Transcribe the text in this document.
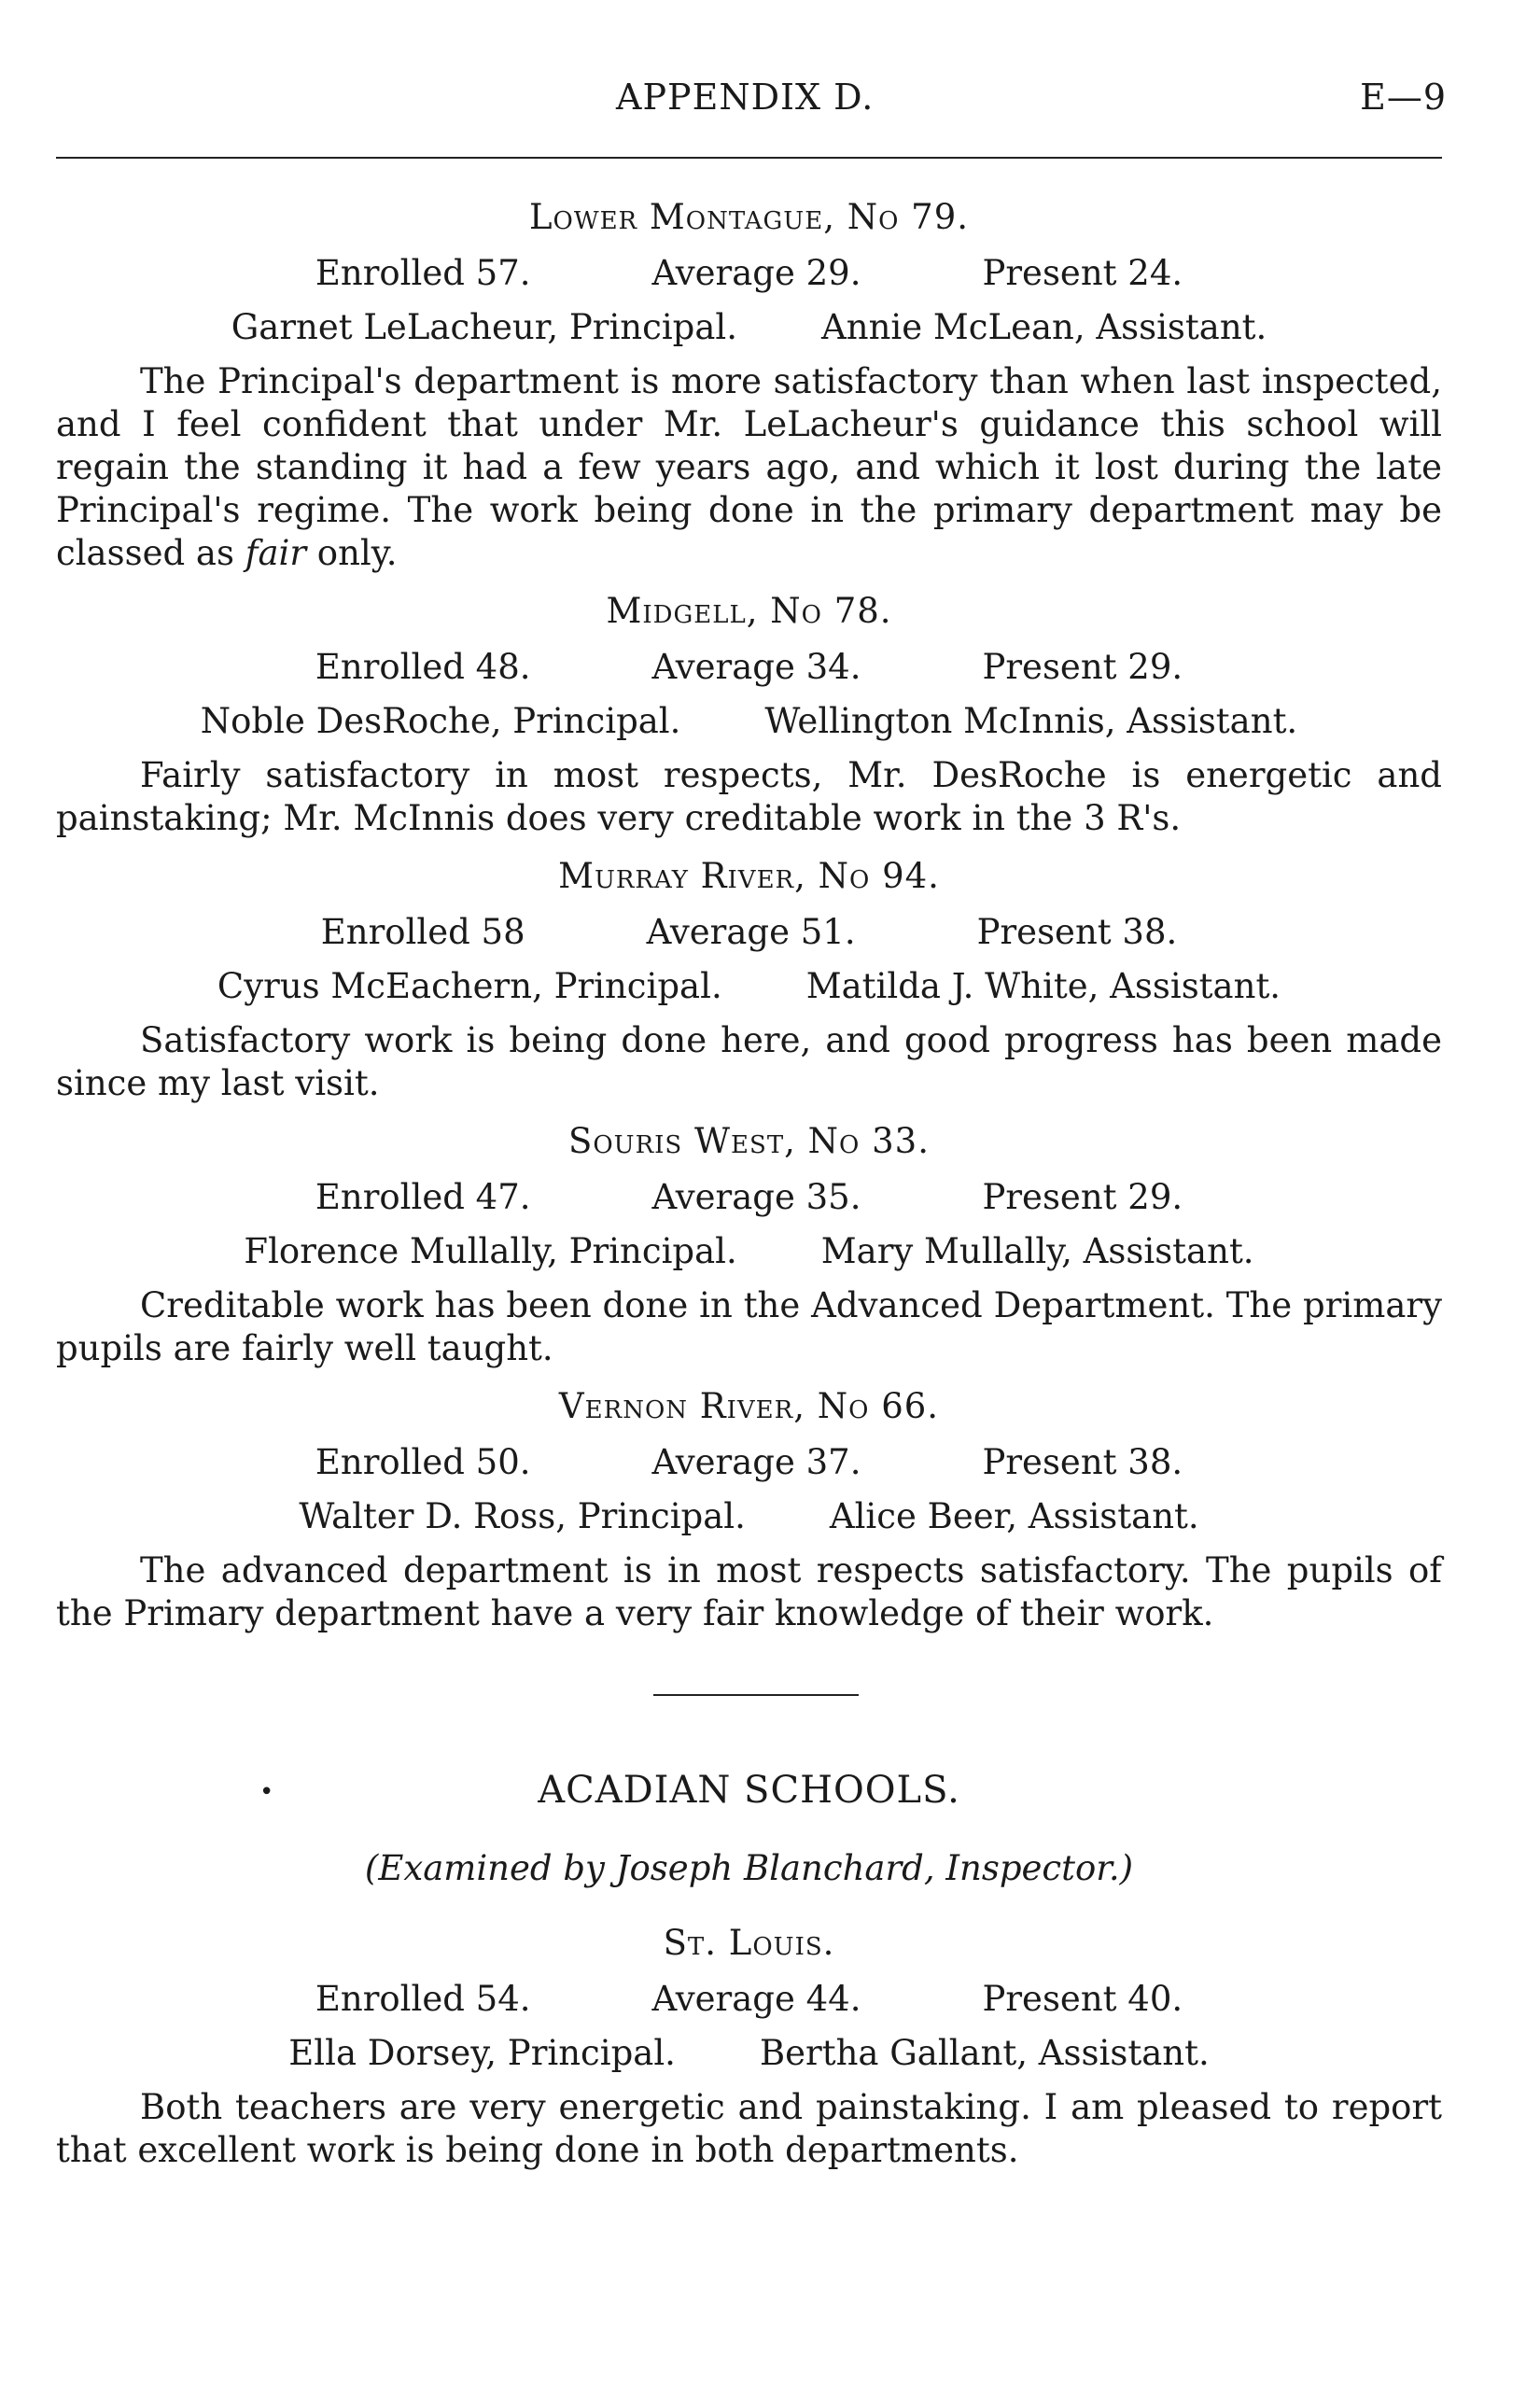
APPENDIX D.	E—9
Lower Montague, No 79.
Enrolled 57.	Average 29.	Present 24.
Garnet LeLacheur, Principal. Annie McLean, Assistant.

The Principal's department is more satisfactory than when last inspected, and I feel confident that under Mr. LeLacheur's guidance this school will regain the standing it had a few years ago, and which it lost during the late Principal's regime. The work being done in the primary department may be classed as fair only.

Midgell, No 78.
Enrolled 48.	Average 34.	Present 29.
Noble DesRoche, Principal. Wellington McInnis, Assistant.

Fairly satisfactory in most respects, Mr. DesRoche is energetic and painstaking; Mr. McInnis does very creditable work in the 3 R's.

Murray River, No 94.
Enrolled 58	Average 51.	Present 38.
Cyrus McEachern, Principal. Matilda J. White, Assistant.

Satisfactory work is being done here, and good progress has been made since my last visit.

Souris West, No 33.
Enrolled 47.	Average 35.	Present 29.
Florence Mullally, Principal. Mary Mullally, Assistant.

Creditable work has been done in the Advanced Department. The primary pupils are fairly well taught.

Vernon River, No 66.
Enrolled 50.	Average 37.	Present 38.
Walter D. Ross, Principal. Alice Beer, Assistant.

The advanced department is in most respects satisfactory. The pupils of the Primary department have a very fair knowledge of their work.

•	ACADIAN SCHOOLS.
(Examined by Joseph Blanchard, Inspector.)
St. Louis.
Enrolled 54.	Average 44.	Present 40.
Ella Dorsey, Principal. Bertha Gallant, Assistant.

Both teachers are very energetic and painstaking. I am pleased to report that excellent work is being done in both departments.
